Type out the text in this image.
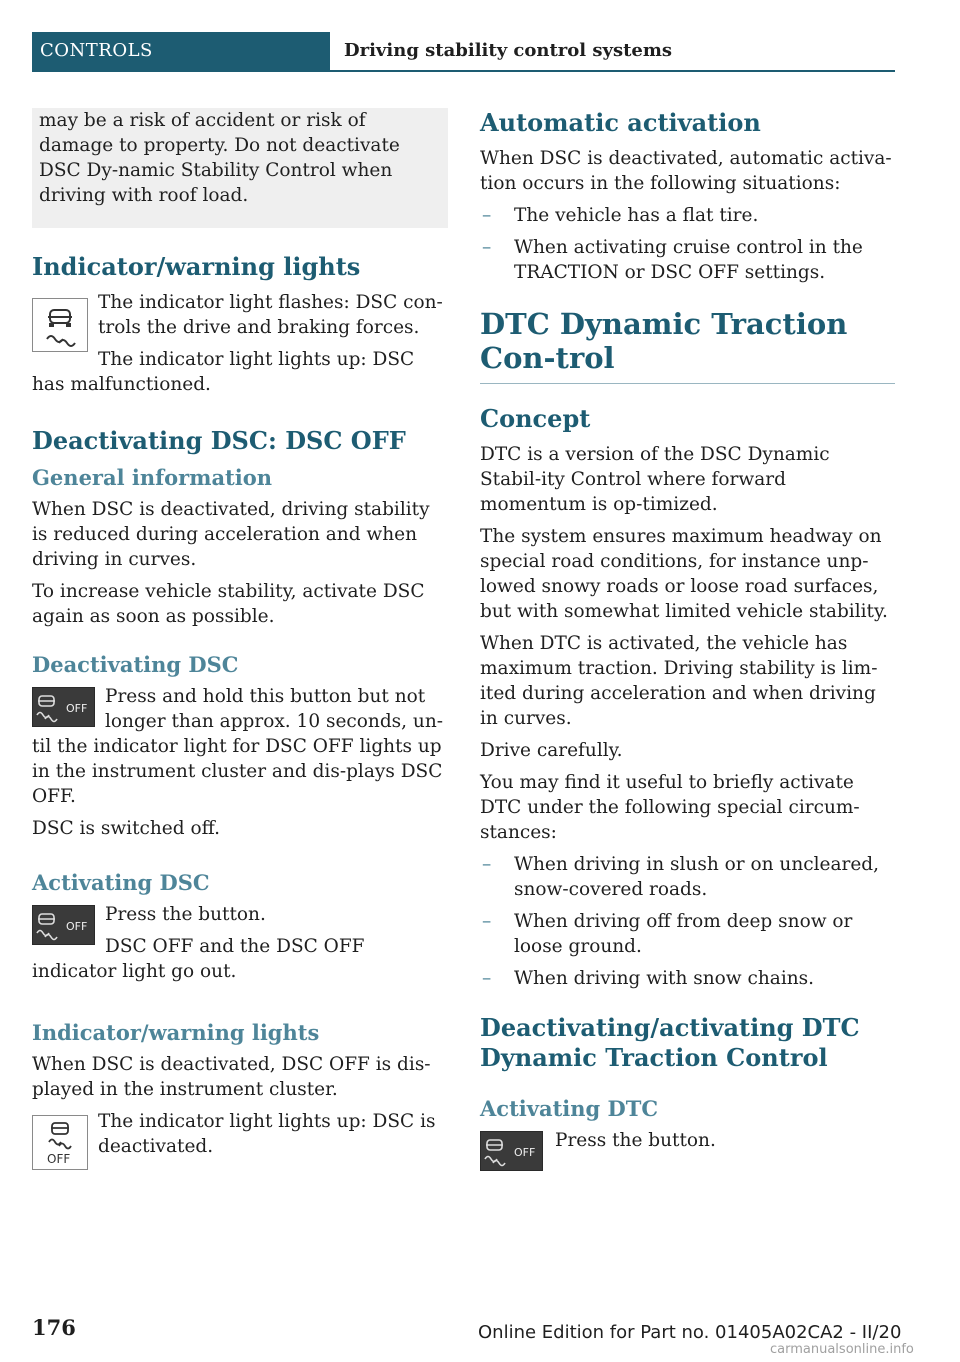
CONTROLS	Driving stability control systems

may be a risk of accident or risk of damage to property. Do not deactivate DSC Dy-namic Stability Control when driving with roof load.

Indicator/warning lights

The indicator light flashes: DSC con-trols the drive and braking forces.

The indicator light lights up: DSC has malfunctioned.

Deactivating DSC: DSC OFF
General information

When DSC is deactivated, driving stability is reduced during acceleration and when driving in curves.

To increase vehicle stability, activate DSC again as soon as possible.

Deactivating DSC
OFF

Press and hold this button but not longer than approx. 10 seconds, un-til the indicator light for DSC OFF lights up in the instrument cluster and dis-plays DSC OFF.

DSC is switched off.

Activating DSC
OFF

Press the button.

DSC OFF and the DSC OFF indicator light go out.

Indicator/warning lights

When DSC is deactivated, DSC OFF is dis-played in the instrument cluster.

OFF

The indicator light lights up: DSC is deactivated.

Automatic activation

When DSC is deactivated, automatic activa-tion occurs in the following situations:

– The vehicle has a flat tire.
– When activating cruise control in the TRACTION or DSC OFF settings.
DTC Dynamic Traction Con-trol
Concept

DTC is a version of the DSC Dynamic Stabil-ity Control where forward momentum is op-timized.

The system ensures maximum headway on special road conditions, for instance unp-lowed snowy roads or loose road surfaces, but with somewhat limited vehicle stability.

When DTC is activated, the vehicle has maximum traction. Driving stability is lim-ited during acceleration and when driving in curves.

Drive carefully.

You may find it useful to briefly activate DTC under the following special circum-stances:

– When driving in slush or on uncleared, snow-covered roads.
– When driving off from deep snow or loose ground.
– When driving with snow chains.
Deactivating/activating DTC Dynamic Traction Control
Activating DTC
OFF

Press the button.

176	Online Edition for Part no. 01405A02CA2 - II/20
carmanualsonline.info
